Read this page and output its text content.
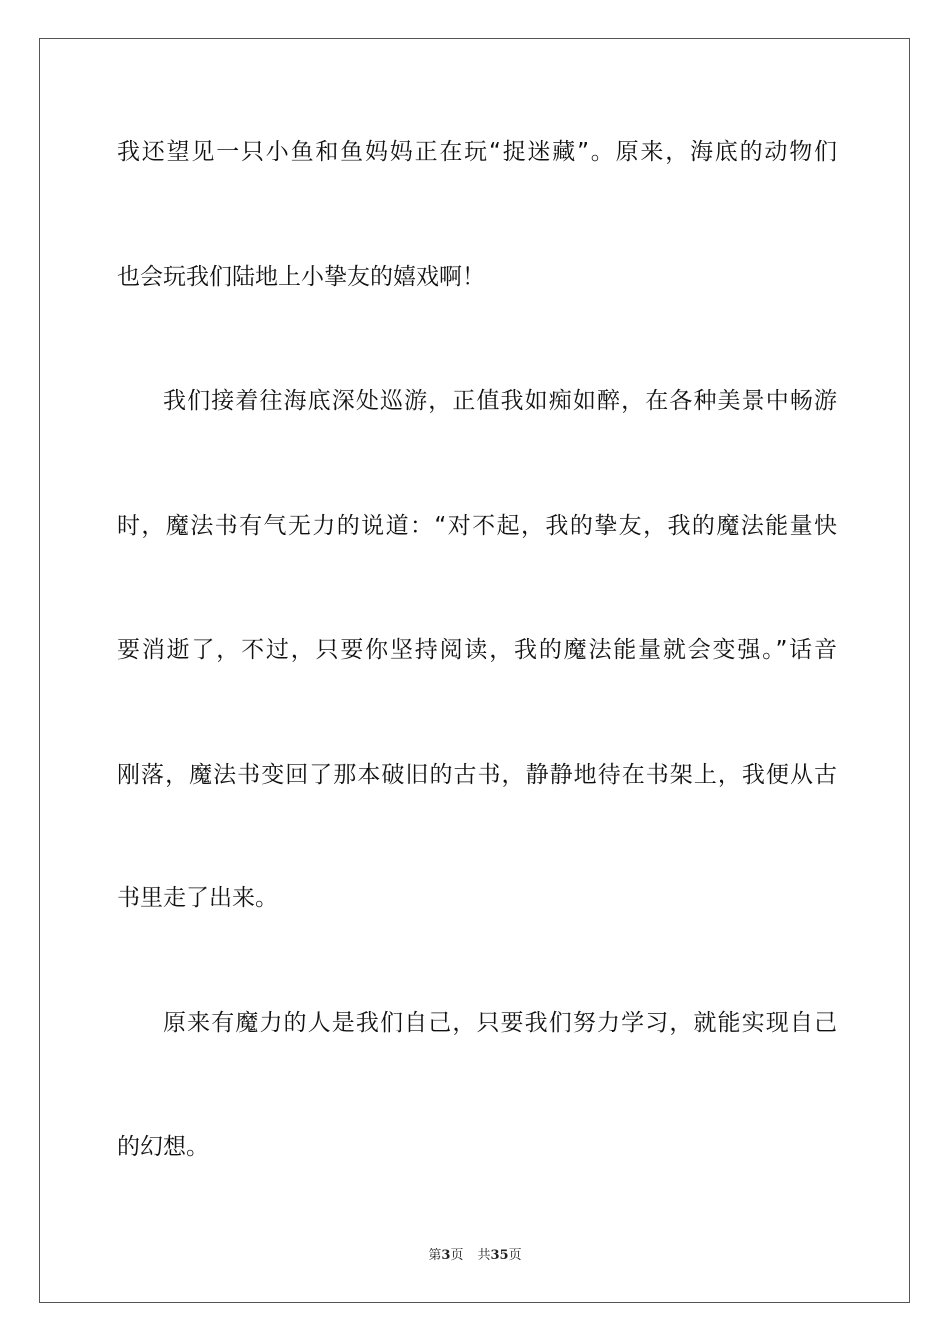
我还望见一只小鱼和鱼妈妈正在玩“捉迷藏”。原来，海底的动物们
也会玩我们陆地上小挚友的嬉戏啊！
我们接着往海底深处巡游，正值我如痴如醉，在各种美景中畅游
时，魔法书有气无力的说道：“对不起，我的挚友，我的魔法能量快
要消逝了，不过，只要你坚持阅读，我的魔法能量就会变强。”话音
刚落，魔法书变回了那本破旧的古书，静静地待在书架上，我便从古
书里走了出来。
原来有魔力的人是我们自己，只要我们努力学习，就能实现自己
的幻想。
第3页 共35页
